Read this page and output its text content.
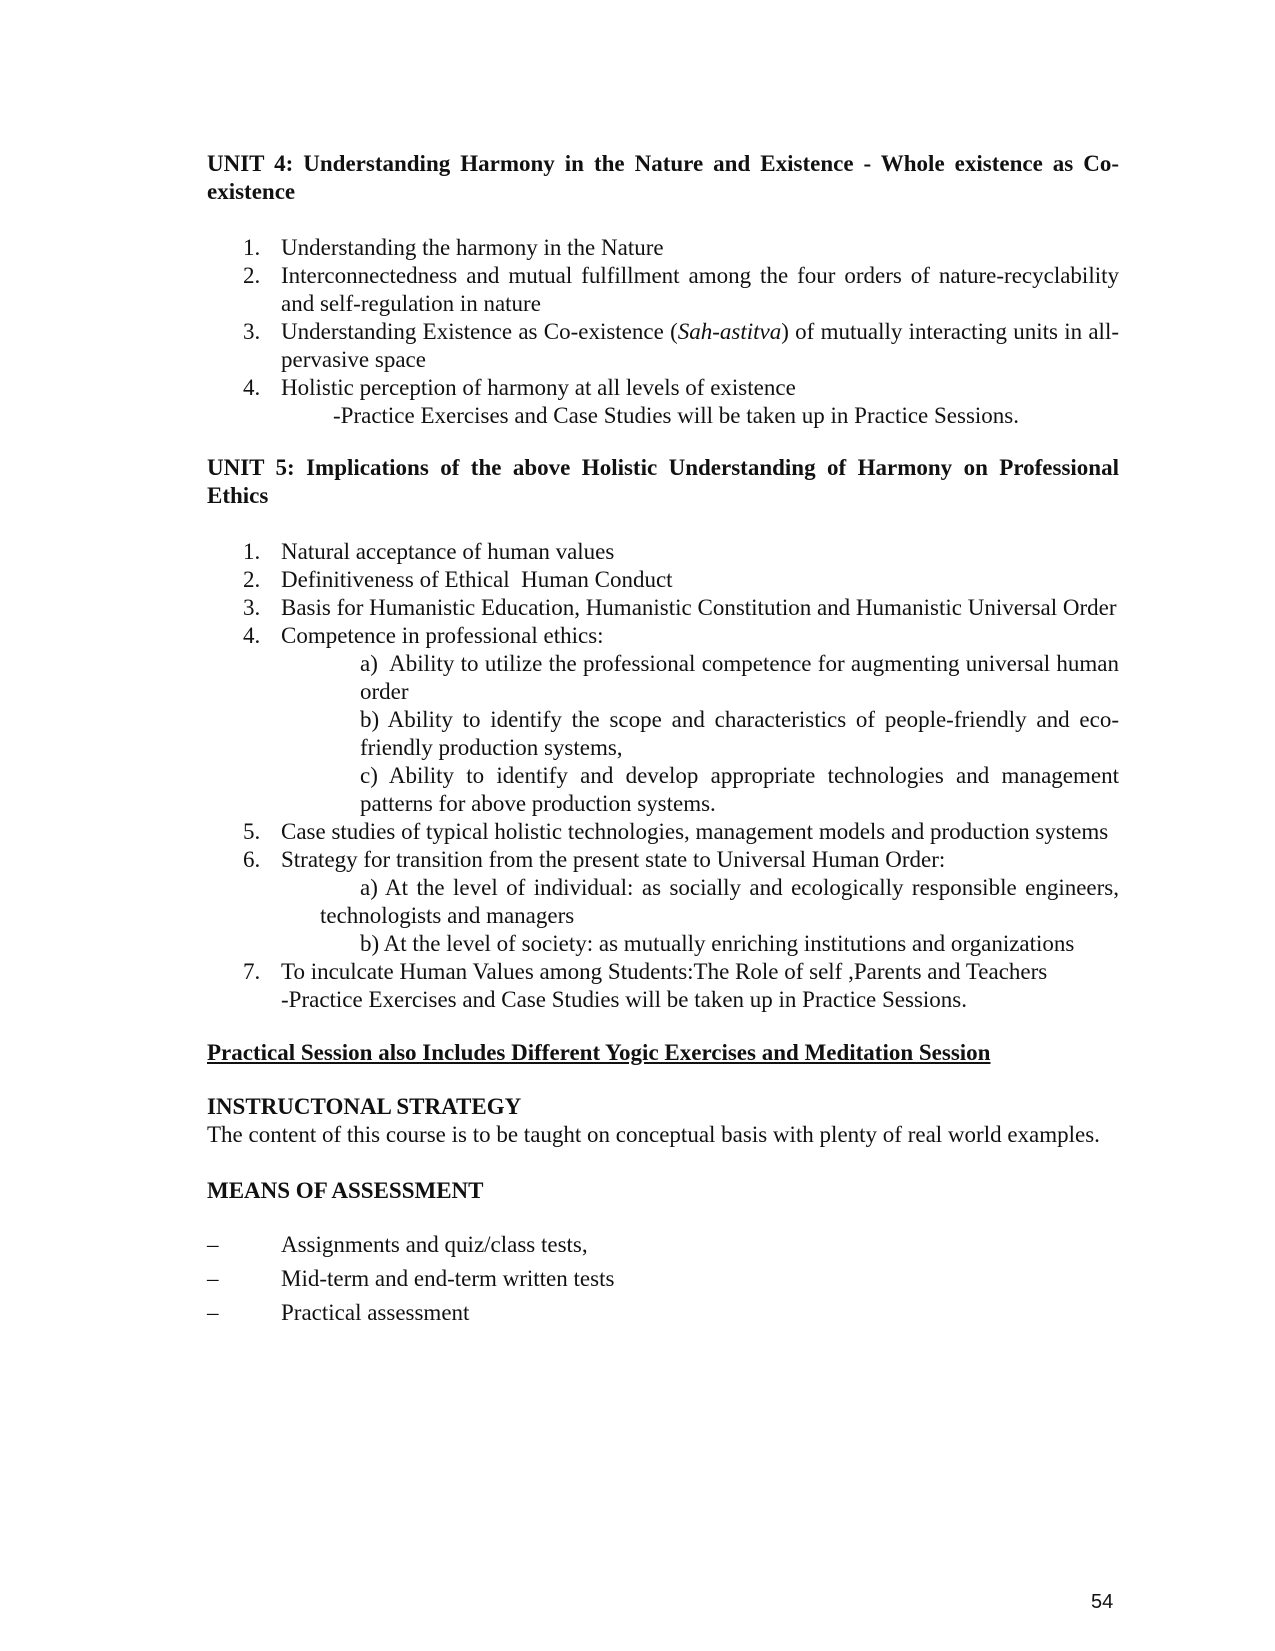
UNIT 4: Understanding Harmony in the Nature and Existence - Whole existence as Co-existence

1. Understanding the harmony in the Nature
2. Interconnectedness and mutual fulfillment among the four orders of nature-recyclability and self-regulation in nature
3. Understanding Existence as Co-existence (Sah-astitva) of mutually interacting units in all-pervasive space
4. Holistic perception of harmony at all levels of existence
-Practice Exercises and Case Studies will be taken up in Practice Sessions.

UNIT 5: Implications of the above Holistic Understanding of Harmony on Professional Ethics

1. Natural acceptance of human values
2. Definitiveness of Ethical  Human Conduct
3. Basis for Humanistic Education, Humanistic Constitution and Humanistic Universal Order
4. Competence in professional ethics:
a)  Ability to utilize the professional competence for augmenting universal human order
b) Ability to identify the scope and characteristics of people-friendly and eco-friendly production systems,
c) Ability to identify and develop appropriate technologies and management patterns for above production systems.
5. Case studies of typical holistic technologies, management models and production systems
6. Strategy for transition from the present state to Universal Human Order:
a) At the level of individual: as socially and ecologically responsible engineers, technologists and managers
b) At the level of society: as mutually enriching institutions and organizations
7. To inculcate Human Values among Students:The Role of self ,Parents and Teachers
-Practice Exercises and Case Studies will be taken up in Practice Sessions.
Practical Session also Includes Different Yogic Exercises and Meditation Session
INSTRUCTONAL STRATEGY
The content of this course is to be taught on conceptual basis with plenty of real world examples.
MEANS OF ASSESSMENT
–	Assignments and quiz/class tests,
–	Mid-term and end-term written tests
–	Practical assessment
54
